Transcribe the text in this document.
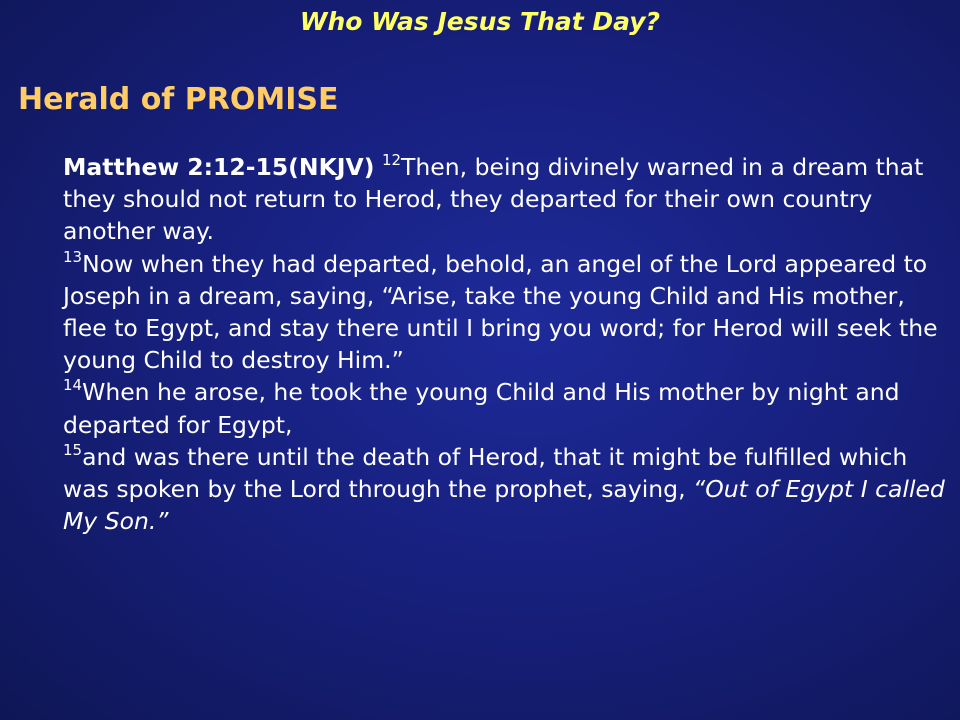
Who Was Jesus That Day?
Herald of PROMISE

Matthew 2:12-15(NKJV) $^{12}$Then, being divinely warned in a dream that they should not return to Herod, they departed for their own country another way.

$^{13}$Now when they had departed, behold, an angel of the Lord appeared to Joseph in a dream, saying, “Arise, take the young Child and His mother, flee to Egypt, and stay there until I bring you word; for Herod will seek the young Child to destroy Him.”

$^{14}$When he arose, he took the young Child and His mother by night and departed for Egypt,

$^{15}$and was there until the death of Herod, that it might be fulfilled which was spoken by the Lord through the prophet, saying, “Out of Egypt I called My Son.”
